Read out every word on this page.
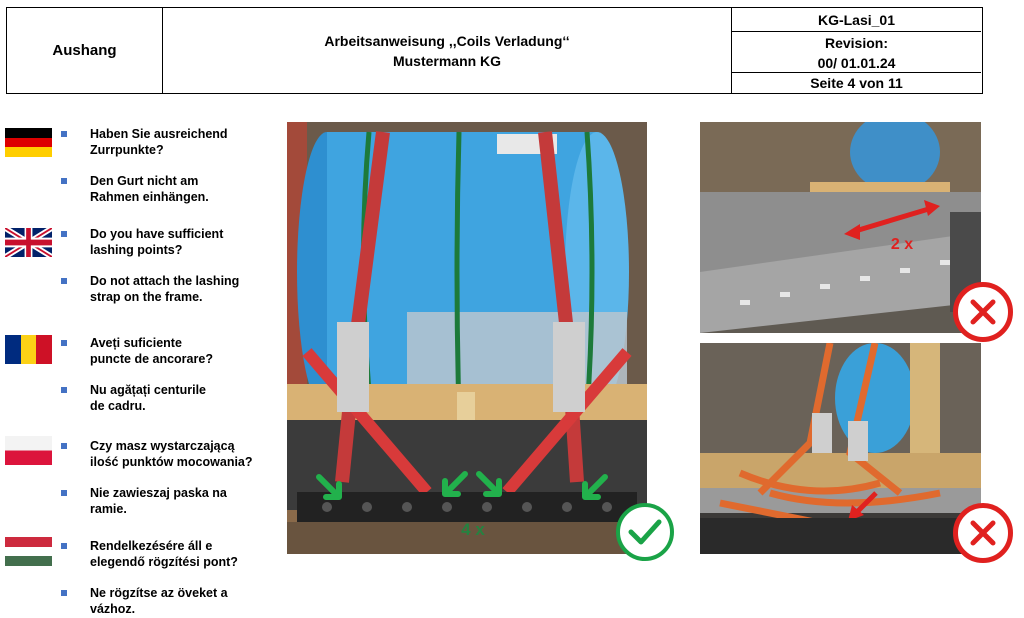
Aushang
Arbeitsanweisung ,,Coils Verladung‘‘
Mustermann KG
KG-Lasi_01
Revision:
00/ 01.01.24
Seite 4 von 11
Haben Sie ausreichend
Zurrpunkte?
Den Gurt nicht am
Rahmen einhängen.
Do you have sufficient
lashing points?
Do not attach the lashing
strap on the frame.
Aveți suficiente
puncte de ancorare?
Nu agățați centurile
de cadru.
Czy masz wystarczającą
ilość punktów mocowania?
Nie zawieszaj paska na
ramie.
Rendelkezésére áll e
elegendő rögzítési pont?
Ne rögzítse az öveket a
vázhoz.
4 x
2 x
